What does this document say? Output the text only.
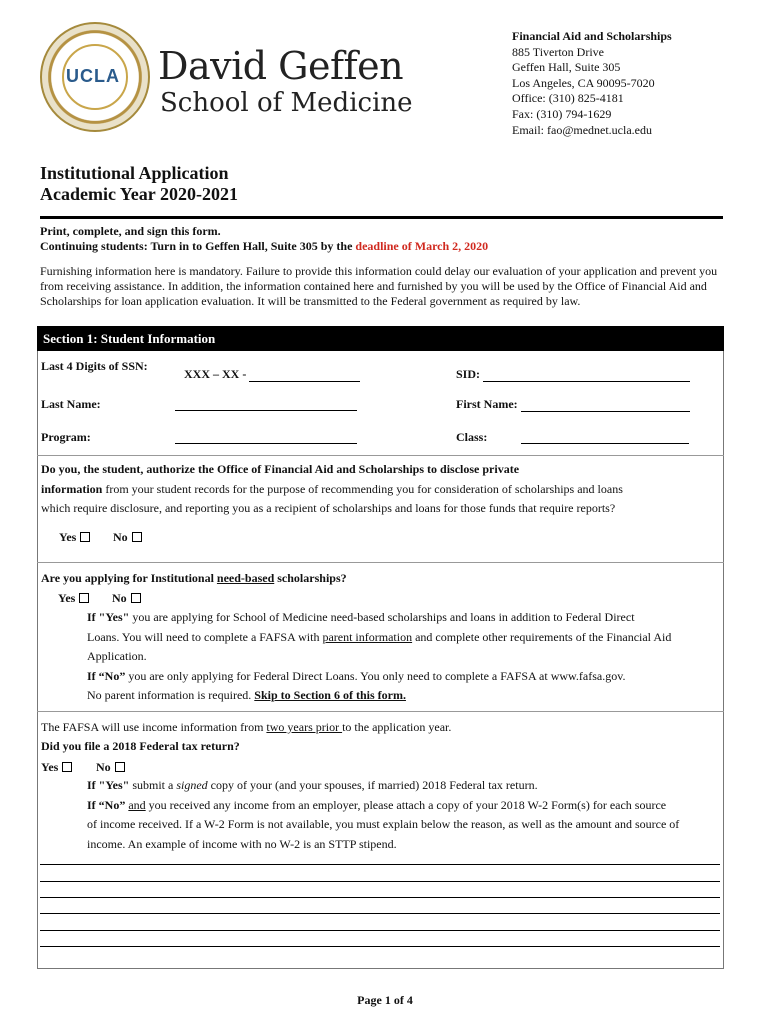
UCLA	David Geffen
School of Medicine
Financial Aid and Scholarships
885 Tiverton Drive
Geffen Hall, Suite 305
Los Angeles, CA 90095-7020
Office: (310) 825-4181
Fax: (310) 794-1629
Email: fao@mednet.ucla.edu
Institutional Application
Academic Year 2020-2021
Print, complete, and sign this form.
Continuing students: Turn in to Geffen Hall, Suite 305 by the deadline of March 2, 2020
Furnishing information here is mandatory. Failure to provide this information could delay our evaluation of your application and prevent you from receiving assistance. In addition, the information contained here and furnished by you will be used by the Office of Financial Aid and Scholarships for loan application evaluation. It will be transmitted to the Federal government as required by law.
Section 1: Student Information
Last 4 Digits of SSN:
XXX – XX -	SID:
Last Name:	First Name:
Program:	Class:
Do you, the student, authorize the Office of Financial Aid and Scholarships to disclose private
information from your student records for the purpose of recommending you for consideration of scholarships and loans
which require disclosure, and reporting you as a recipient of scholarships and loans for those funds that require reports?
Yes	No
Are you applying for Institutional need-based scholarships?
Yes	No
If "Yes" you are applying for School of Medicine need-based scholarships and loans in addition to Federal Direct
Loans. You will need to complete a FAFSA with parent information and complete other requirements of the Financial Aid
Application.
If “No” you are only applying for Federal Direct Loans. You only need to complete a FAFSA at www.fafsa.gov.
No parent information is required. Skip to Section 6 of this form.
The FAFSA will use income information from two years prior to the application year.
Did you file a 2018 Federal tax return?
Yes	No
If "Yes" submit a signed copy of your (and your spouses, if married) 2018 Federal tax return.
If “No” and you received any income from an employer, please attach a copy of your 2018 W-2 Form(s) for each source
of income received. If a W-2 Form is not available, you must explain below the reason, as well as the amount and source of
income. An example of income with no W-2 is an STTP stipend.
Page 1 of 4
